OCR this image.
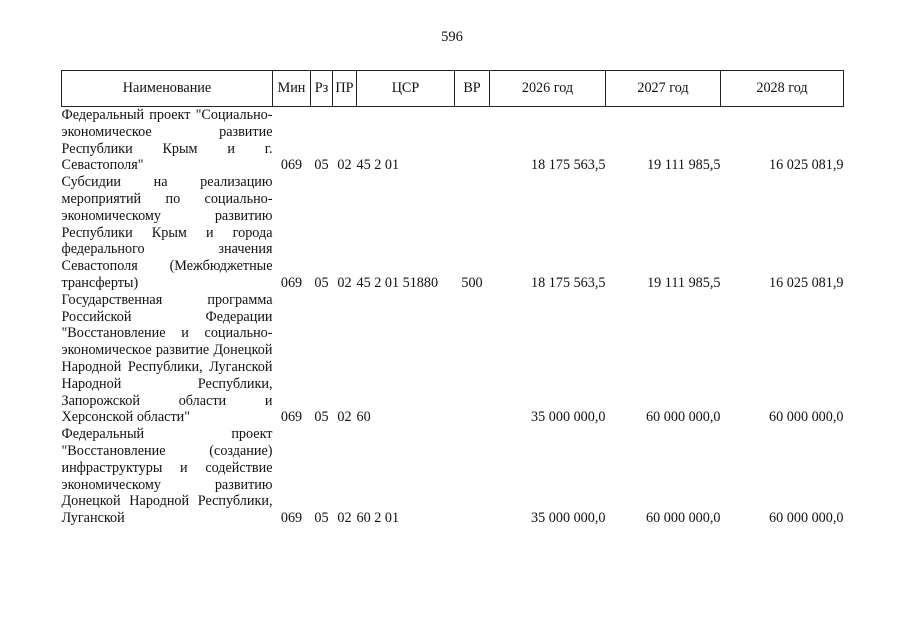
596
Наименование	Мин	Рз	ПР	ЦСР	ВР	2026 год	2027 год	2028 год
Федеральный проект "Социально-экономическое развитие Республики Крым и г. Севастополя"	069	05	02	45 2 01		18 175 563,5	19 111 985,5	16 025 081,9
Субсидии на реализацию мероприятий по социально-экономическому развитию Республики Крым и города федерального значения Севастополя (Межбюджетные трансферты)	069	05	02	45 2 01 51880	500	18 175 563,5	19 111 985,5	16 025 081,9
Государственная программа Российской Федерации "Восстановление и социально-экономическое развитие Донецкой Народной Республики, Луганской Народной Республики, Запорожской области и Херсонской области"	069	05	02	60		35 000 000,0	60 000 000,0	60 000 000,0
Федеральный проект "Восстановление (создание) инфраструктуры и содействие экономическому развитию Донецкой Народной Республики, Луганской	069	05	02	60 2 01		35 000 000,0	60 000 000,0	60 000 000,0
